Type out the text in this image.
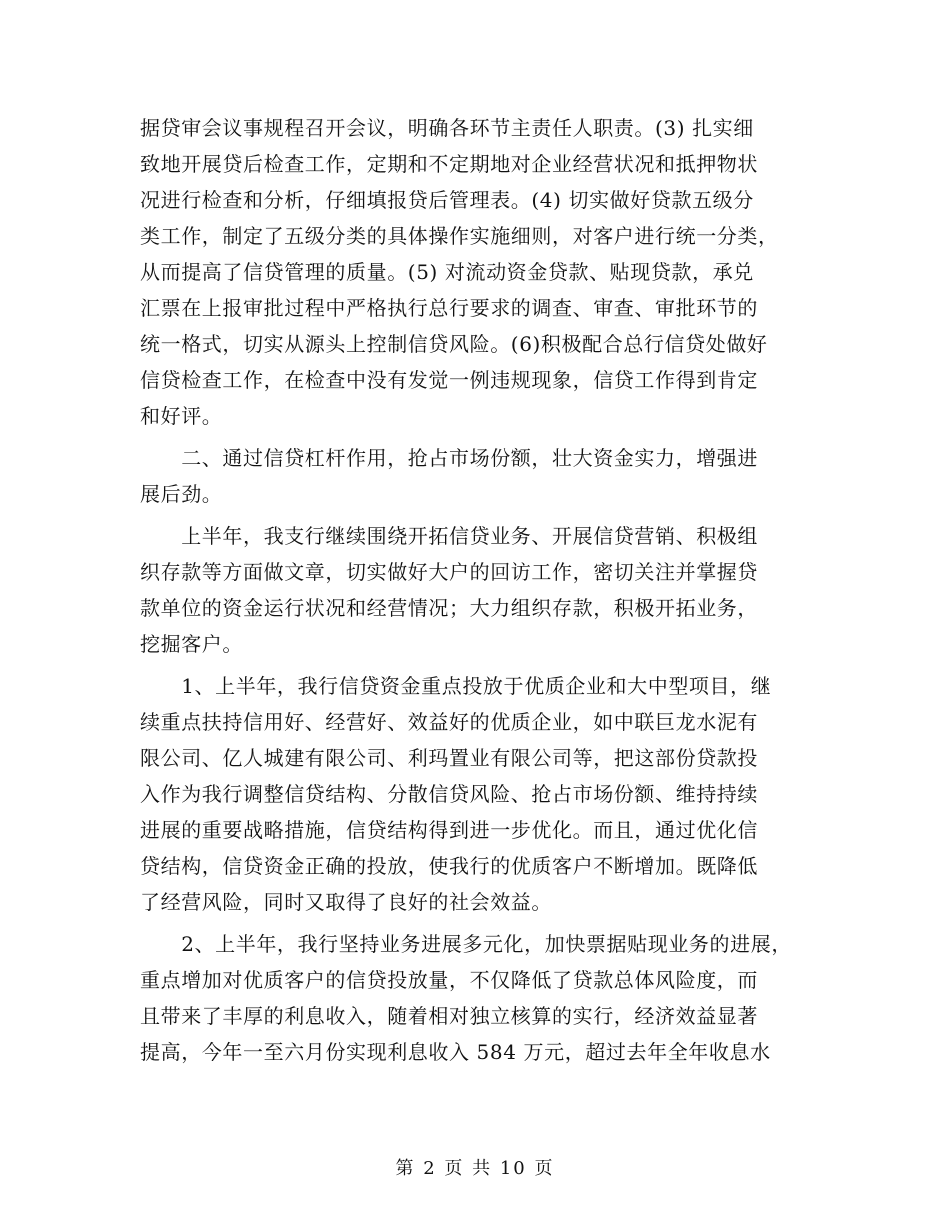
据贷审会议事规程召开会议，明确各环节主责任人职责。(3) 扎实细
致地开展贷后检查工作，定期和不定期地对企业经营状况和抵押物状
况进行检查和分析，仔细填报贷后管理表。(4) 切实做好贷款五级分
类工作，制定了五级分类的具体操作实施细则，对客户进行统一分类，
从而提高了信贷管理的质量。(5) 对流动资金贷款、贴现贷款，承兑
汇票在上报审批过程中严格执行总行要求的调查、审查、审批环节的
统一格式，切实从源头上控制信贷风险。(6)积极配合总行信贷处做好
信贷检查工作，在检查中没有发觉一例违规现象，信贷工作得到肯定
和好评。
　　二、通过信贷杠杆作用，抢占市场份额，壮大资金实力，增强进
展后劲。
　　上半年，我支行继续围绕开拓信贷业务、开展信贷营销、积极组
织存款等方面做文章，切实做好大户的回访工作，密切关注并掌握贷
款单位的资金运行状况和经营情况；大力组织存款，积极开拓业务，
挖掘客户。
　　1、上半年，我行信贷资金重点投放于优质企业和大中型项目，继
续重点扶持信用好、经营好、效益好的优质企业，如中联巨龙水泥有
限公司、亿人城建有限公司、利玛置业有限公司等，把这部份贷款投
入作为我行调整信贷结构、分散信贷风险、抢占市场份额、维持持续
进展的重要战略措施，信贷结构得到进一步优化。而且，通过优化信
贷结构，信贷资金正确的投放，使我行的优质客户不断增加。既降低
了经营风险，同时又取得了良好的社会效益。
　　2、上半年，我行坚持业务进展多元化，加快票据贴现业务的进展，
重点增加对优质客户的信贷投放量，不仅降低了贷款总体风险度，而
且带来了丰厚的利息收入，随着相对独立核算的实行，经济效益显著
提高，今年一至六月份实现利息收入 584 万元，超过去年全年收息水
第 2 页 共 10 页
